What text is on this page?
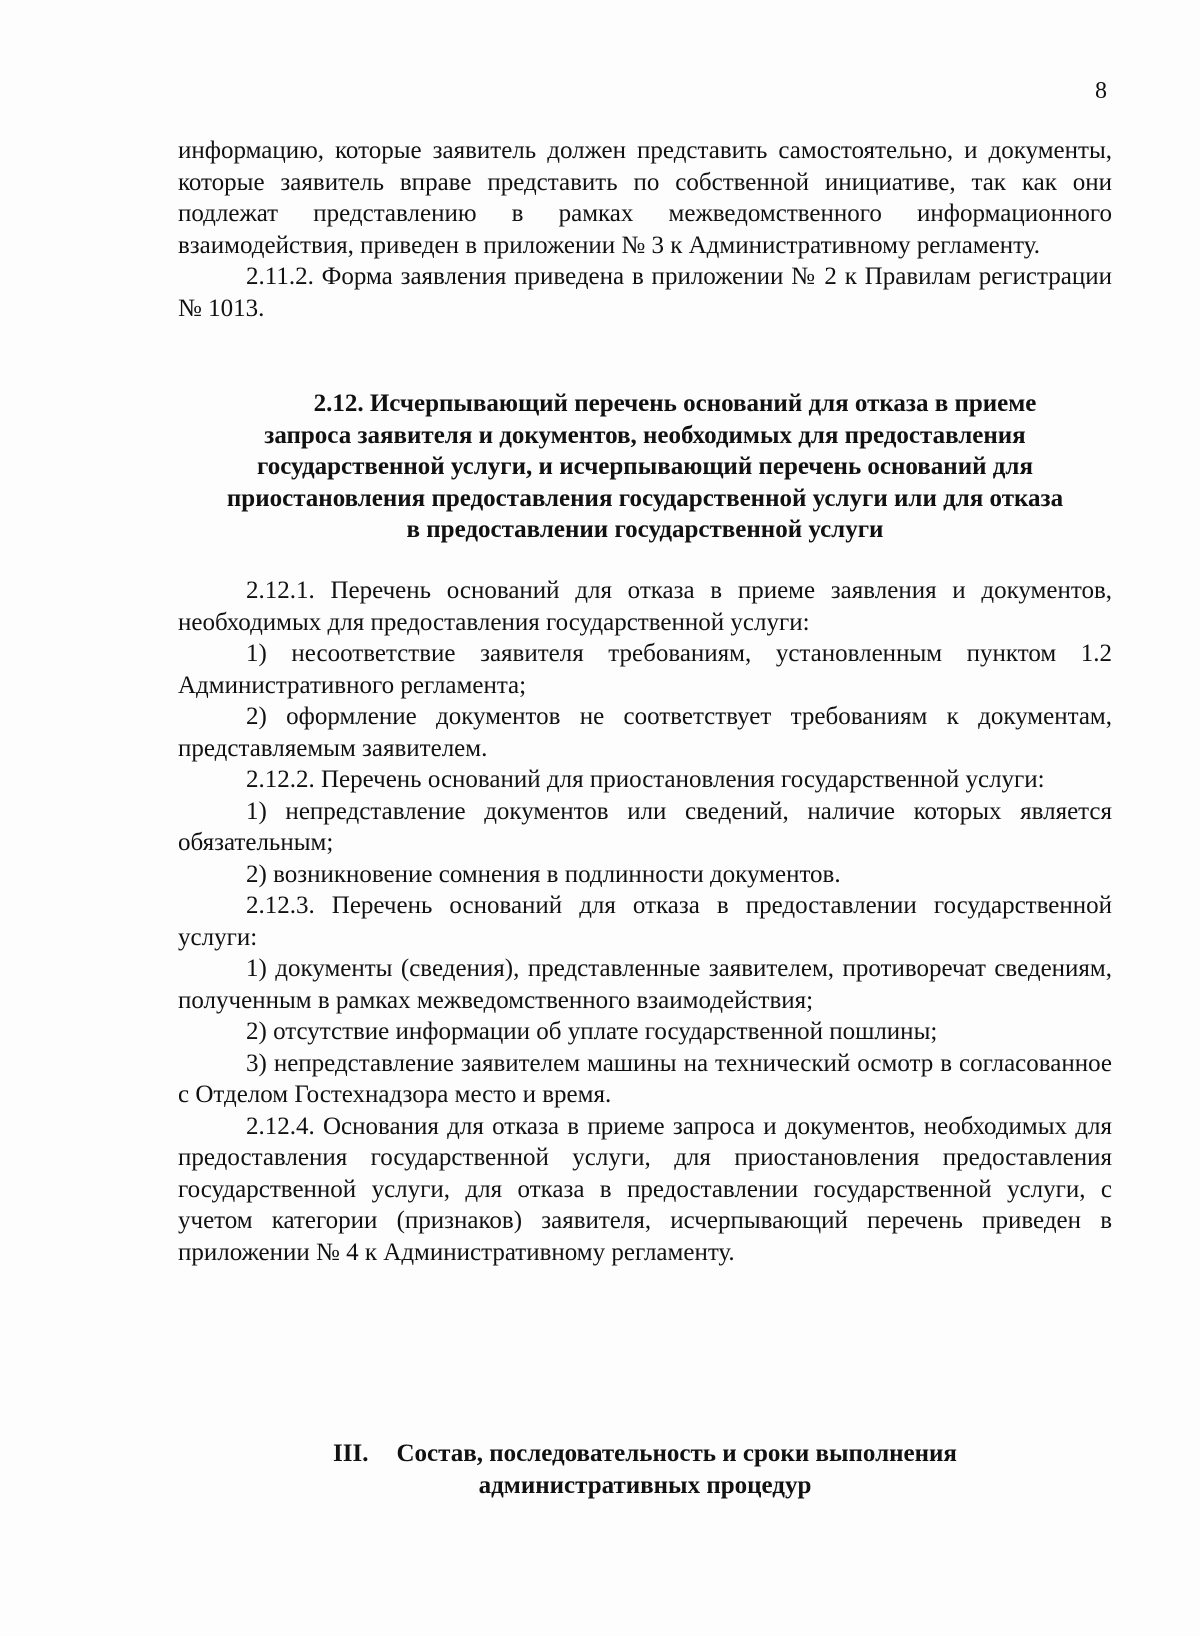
8

информацию, которые заявитель должен представить самостоятельно, и документы, которые заявитель вправе представить по собственной инициативе, так как они подлежат представлению в рамках межведомственного информационного взаимодействия, приведен в приложении № 3 к Административному регламенту.

2.11.2. Форма заявления приведена в приложении № 2 к Правилам регистрации № 1013.

2.12. Исчерпывающий перечень оснований для отказа в приеме

запроса заявителя и документов, необходимых для предоставления

государственной услуги, и исчерпывающий перечень оснований для

приостановления предоставления государственной услуги или для отказа

в предоставлении государственной услуги

2.12.1. Перечень оснований для отказа в приеме заявления и документов, необходимых для предоставления государственной услуги:

1) несоответствие заявителя требованиям, установленным пунктом 1.2 Административного регламента;

2) оформление документов не соответствует требованиям к документам, представляемым заявителем.

2.12.2. Перечень оснований для приостановления государственной услуги:

1) непредставление документов или сведений, наличие которых является обязательным;

2) возникновение сомнения в подлинности документов.

2.12.3. Перечень оснований для отказа в предоставлении государственной услуги:

1) документы (сведения), представленные заявителем, противоречат сведениям, полученным в рамках межведомственного взаимодействия;

2) отсутствие информации об уплате государственной пошлины;

3) непредставление заявителем машины на технический осмотр в согласованное с Отделом Гостехнадзора место и время.

2.12.4. Основания для отказа в приеме запроса и документов, необходимых для предоставления государственной услуги, для приостановления предоставления государственной услуги, для отказа в предоставлении государственной услуги, с учетом категории (признаков) заявителя, исчерпывающий перечень приведен в приложении № 4 к Административному регламенту.

III. Состав, последовательность и сроки выполнения

административных процедур
